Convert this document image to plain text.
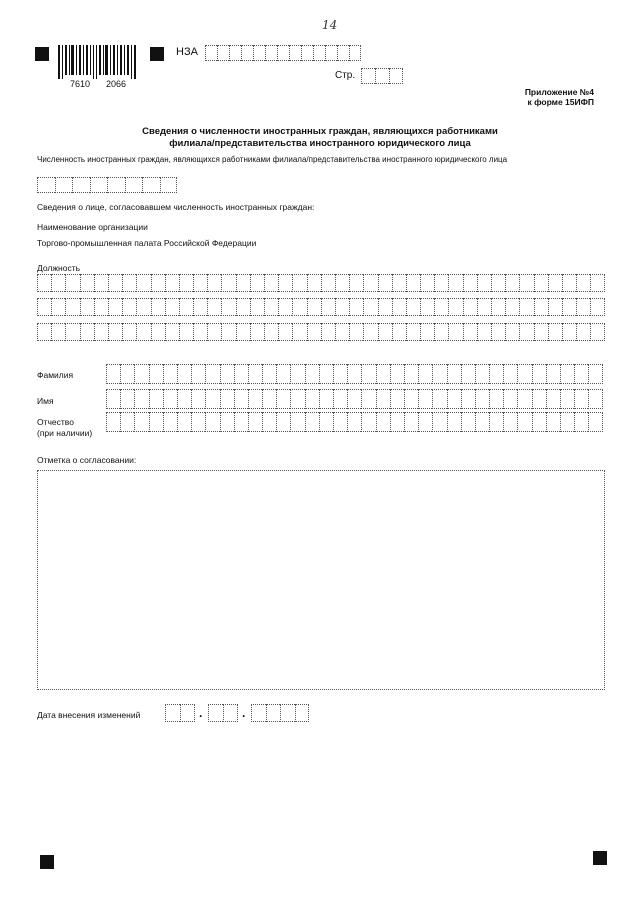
14
7610 2066
НЗА
Стр.
Приложение №4
к форме 15ИФП
Сведения о численности иностранных граждан, являющихся работниками
филиала/представительства иностранного юридического лица
Численность иностранных граждан, являющихся работниками филиала/представительства иностранного юридического лица
Сведения о лице, согласовавшем численность иностранных граждан:
Наименование организации
Торгово-промышленная палата Российской Федерации
Должность
Фамилия
Имя
Отчество
(при наличии)
Отметка о согласовании:
Дата внесения изменений	.	.
